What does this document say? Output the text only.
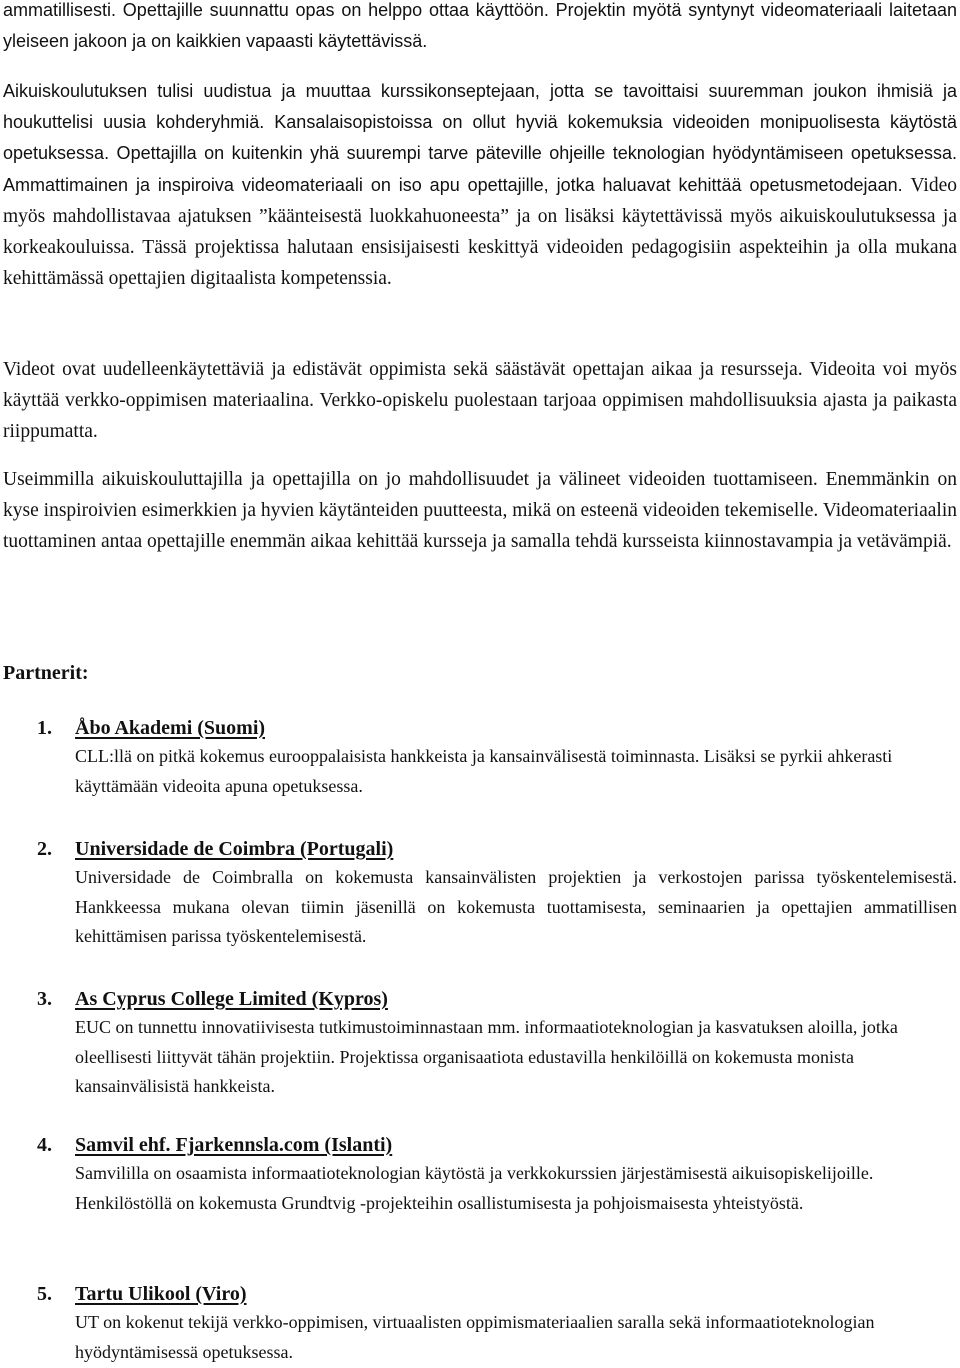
ammatillisesti. Opettajille suunnattu opas on helppo ottaa käyttöön. Projektin myötä syntynyt videomateriaali laitetaan yleiseen jakoon ja on kaikkien vapaasti käytettävissä.

Aikuiskoulutuksen tulisi uudistua ja muuttaa kurssikonseptejaan, jotta se tavoittaisi suuremman joukon ihmisiä ja houkuttelisi uusia kohderyhmiä. Kansalaisopistoissa on ollut hyviä kokemuksia videoiden monipuolisesta käytöstä opetuksessa. Opettajilla on kuitenkin yhä suurempi tarve päteville ohjeille teknologian hyödyntämiseen opetuksessa. Ammattimainen ja inspiroiva videomateriaali on iso apu opettajille, jotka haluavat kehittää opetusmetodejaan. Video myös mahdollistavaa ajatuksen ”käänteisestä luokkahuoneesta” ja on lisäksi käytettävissä myös aikuiskoulutuksessa ja korkeakouluissa. Tässä projektissa halutaan ensisijaisesti keskittyä videoiden pedagogisiin aspekteihin ja olla mukana kehittämässä opettajien digitaalista kompetenssia.

Videot ovat uudelleenkäytettäviä ja edistävät oppimista sekä säästävät opettajan aikaa ja resursseja. Videoita voi myös käyttää verkko-oppimisen materiaalina. Verkko-opiskelu puolestaan tarjoaa oppimisen mahdollisuuksia ajasta ja paikasta riippumatta.

Useimmilla aikuiskouluttajilla ja opettajilla on jo mahdollisuudet ja välineet videoiden tuottamiseen. Enemmänkin on kyse inspiroivien esimerkkien ja hyvien käytänteiden puutteesta, mikä on esteenä videoiden tekemiselle. Videomateriaalin tuottaminen antaa opettajille enemmän aikaa kehittää kursseja ja samalla tehdä kursseista kiinnostavampia ja vetävämpiä.

Partnerit:
1.	Åbo Akademi (Suomi)
CLL:llä on pitkä kokemus eurooppalaisista hankkeista ja kansainvälisestä toiminnasta. Lisäksi se pyrkii ahkerasti käyttämään videoita apuna opetuksessa.
2.	Universidade de Coimbra (Portugali)
Universidade de Coimbralla on kokemusta kansainvälisten projektien ja verkostojen parissa työskentelemisestä. Hankkeessa mukana olevan tiimin jäsenillä on kokemusta tuottamisesta, seminaarien ja opettajien ammatillisen kehittämisen parissa työskentelemisestä.
3.	As Cyprus College Limited (Kypros)
EUC on tunnettu innovatiivisesta tutkimustoiminnastaan mm. informaatioteknologian ja kasvatuksen aloilla, jotka oleellisesti liittyvät tähän projektiin. Projektissa organisaatiota edustavilla henkilöillä on kokemusta monista kansainvälisistä hankkeista.
4.	Samvil ehf. Fjarkennsla.com (Islanti)
Samvililla on osaamista informaatioteknologian käytöstä ja verkkokurssien järjestämisestä aikuisopiskelijoille. Henkilöstöllä on kokemusta Grundtvig -projekteihin osallistumisesta ja pohjoismaisesta yhteistyöstä.
5.	Tartu Ulikool (Viro)
UT on kokenut tekijä verkko-oppimisen, virtuaalisten oppimismateriaalien saralla sekä informaatioteknologian hyödyntämisessä opetuksessa.
